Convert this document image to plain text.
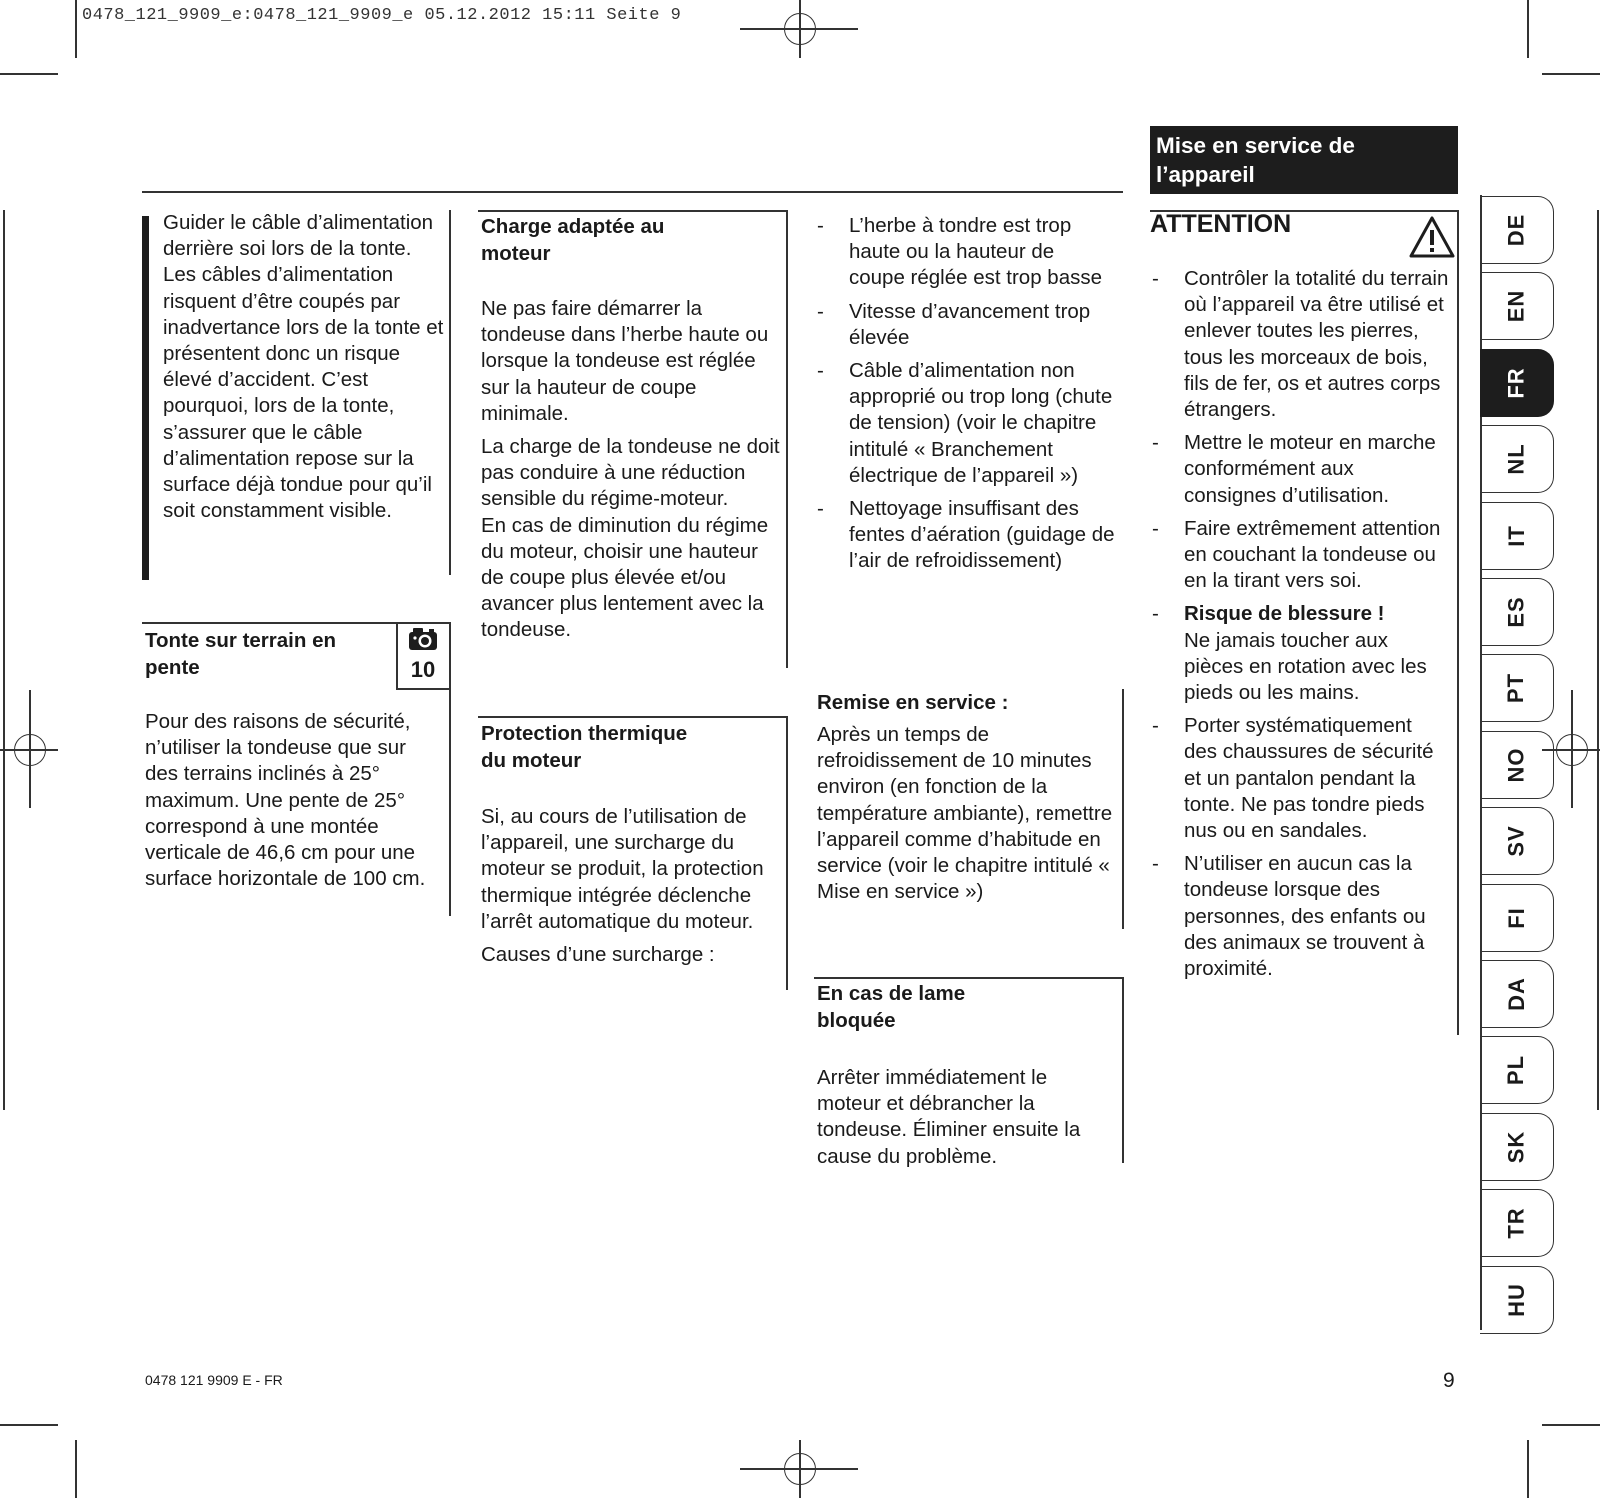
0478_121_9909_e:0478_121_9909_e 05.12.2012 15:11 Seite 9
Mise en service de l’appareil
Guider le câble d’alimentation derrière soi lors de la tonte. Les câbles d’alimentation risquent d’être coupés par inadvertance lors de la tonte et présentent donc un risque élevé d’accident. C’est pourquoi, lors de la tonte, s’assurer que le câble d’alimentation repose sur la surface déjà tondue pour qu’il soit constamment visible.
Tonte sur terrain en pente	10
Pour des raisons de sécurité, n’utiliser la tondeuse que sur des terrains inclinés à 25° maximum. Une pente de 25° correspond à une montée verticale de 46,6 cm pour une surface horizontale de 100 cm.
Charge adaptée au moteur

Ne pas faire démarrer la tondeuse dans l’herbe haute ou lorsque la tondeuse est réglée sur la hauteur de coupe minimale.

La charge de la tondeuse ne doit pas conduire à une réduction sensible du régime-moteur.

En cas de diminution du régime du moteur, choisir une hauteur de coupe plus élevée et/ou avancer plus lentement avec la tondeuse.

Protection thermique du moteur

Si, au cours de l’utilisation de l’appareil, une surcharge du moteur se produit, la protection thermique intégrée déclenche l’arrêt automatique du moteur.

Causes d’une surcharge :

- L’herbe à tondre est trop haute ou la hauteur de coupe réglée est trop basse
- Vitesse d’avancement trop élevée
- Câble d’alimentation non approprié ou trop long (chute de tension) (voir le chapitre intitulé « Branchement électrique de l’appareil »)
- Nettoyage insuffisant des fentes d’aération (guidage de l’air de refroidissement)
Remise en service :
Après un temps de refroidissement de 10 minutes environ (en fonction de la température ambiante), remettre l’appareil comme d’habitude en service (voir le chapitre intitulé « Mise en service »)
En cas de lame bloquée
Arrêter immédiatement le moteur et débrancher la tondeuse. Éliminer ensuite la cause du problème.
ATTENTION
- Contrôler la totalité du terrain où l’appareil va être utilisé et enlever toutes les pierres, tous les morceaux de bois, fils de fer, os et autres corps étrangers.
- Mettre le moteur en marche conformément aux consignes d’utilisation.
- Faire extrêmement attention en couchant la tondeuse ou en la tirant vers soi.
- Risque de blessure !
Ne jamais toucher aux pièces en rotation avec les pieds ou les mains.
- Porter systématiquement des chaussures de sécurité et un pantalon pendant la tonte. Ne pas tondre pieds nus ou en sandales.
- N’utiliser en aucun cas la tondeuse lorsque des personnes, des enfants ou des animaux se trouvent à proximité.
DE
EN
FR
NL
IT
ES
PT
NO
SV
FI
DA
PL
SK
TR
HU
0478 121 9909 E - FR	9
